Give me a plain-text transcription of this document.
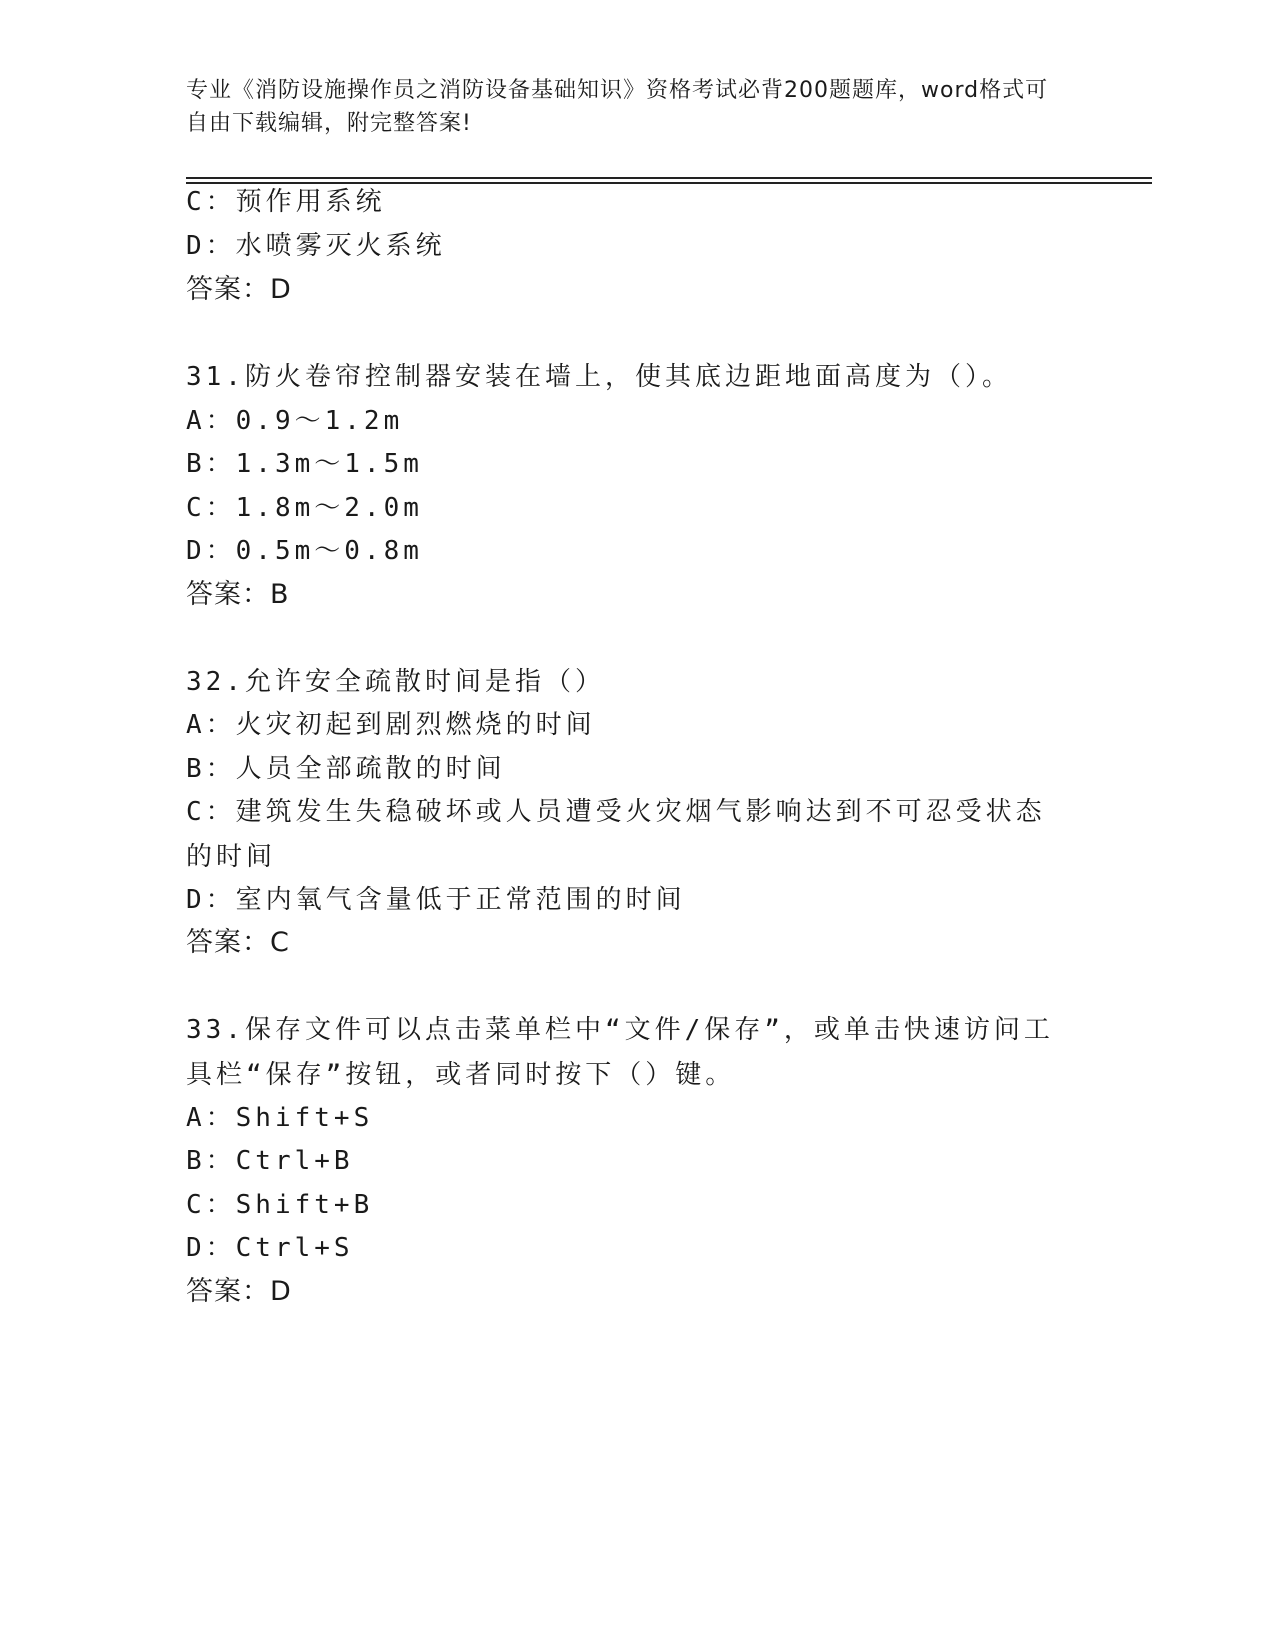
专业《消防设施操作员之消防设备基础知识》资格考试必背200题题库，word格式可自由下载编辑，附完整答案!
C：预作用系统
D：水喷雾灭火系统
答案：D
31.防火卷帘控制器安装在墙上，使其底边距地面高度为（）。
A：0.9～1.2m
B：1.3m～1.5m
C：1.8m～2.0m
D：0.5m～0.8m
答案：B
32.允许安全疏散时间是指（）
A：火灾初起到剧烈燃烧的时间
B：人员全部疏散的时间
C：建筑发生失稳破坏或人员遭受火灾烟气影响达到不可忍受状态的时间
D：室内氧气含量低于正常范围的时间
答案：C
33.保存文件可以点击菜单栏中“文件/保存”，或单击快速访问工具栏“保存”按钮，或者同时按下（）键。
A：Shift+S
B：Ctrl+B
C：Shift+B
D：Ctrl+S
答案：D
